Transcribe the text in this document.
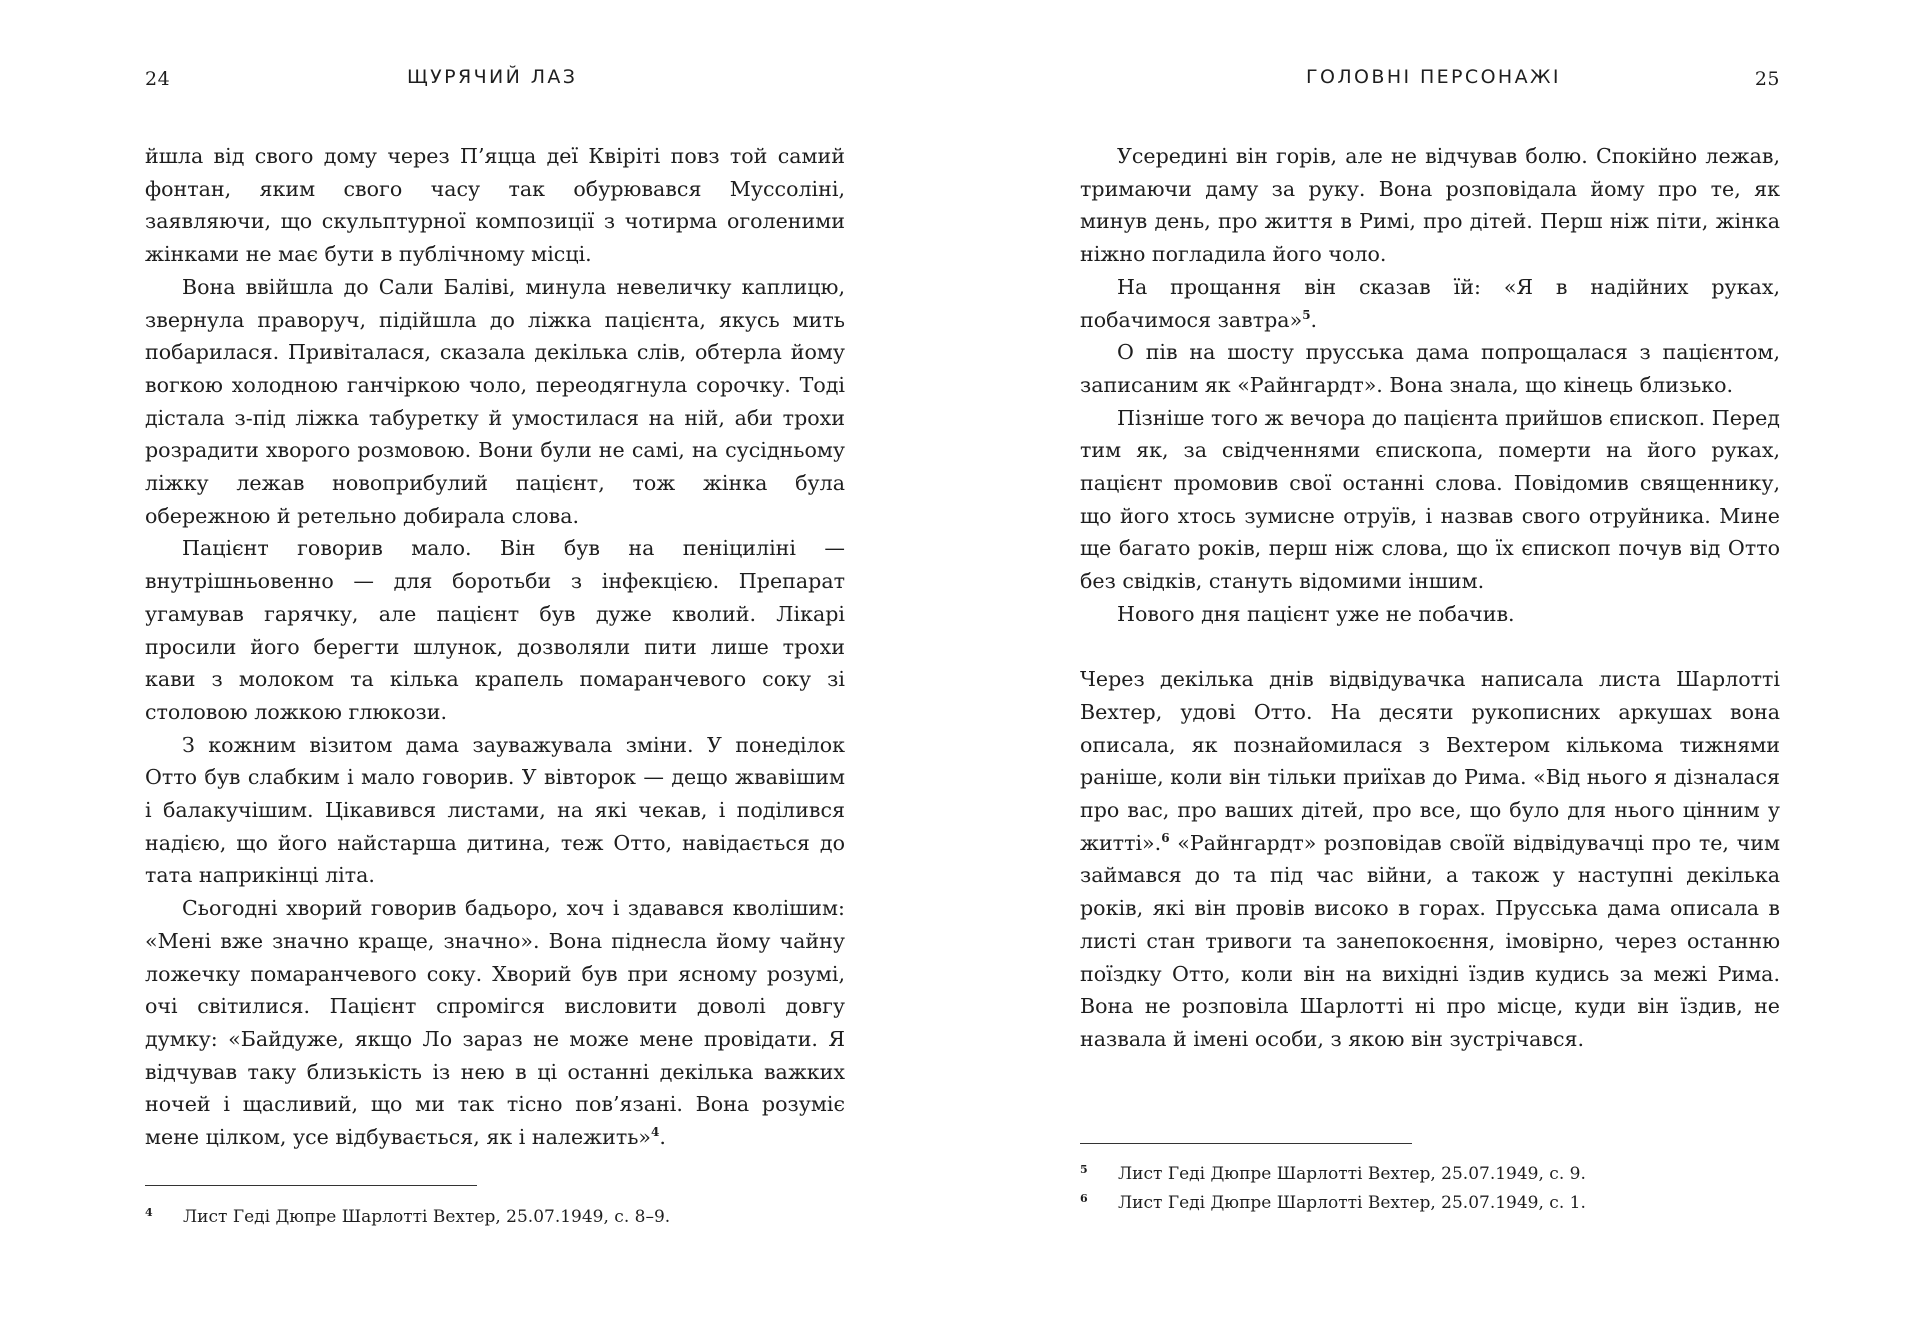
24	ЩУРЯЧИЙ ЛАЗ

йшла від свого дому через П’яцца деї Квіріті повз той самий фонтан, яким свого часу так обурювався Муссоліні, заявляючи, що скульптурної композиції з чотирма оголеними жінками не має бути в публічному місці.

Вона ввійшла до Сали Баліві, минула невеличку каплицю, звернула праворуч, підійшла до ліжка пацієнта, якусь мить побарилася. Привіталася, сказала декілька слів, обтерла йому вогкою холодною ганчіркою чоло, переодягнула сорочку. Тоді дістала з-під ліжка табуретку й умостилася на ній, аби трохи розрадити хворого розмовою. Вони були не самі, на сусідньому ліжку лежав новоприбулий пацієнт, тож жінка була обережною й ретельно добирала слова.

Пацієнт говорив мало. Він був на пеніциліні — внутрішньовенно — для боротьби з інфекцією. Препарат угамував гарячку, але пацієнт був дуже кволий. Лікарі просили його берегти шлунок, дозволяли пити лише трохи кави з молоком та кілька крапель помаранчевого соку зі столовою ложкою глюкози.

З кожним візитом дама зауважувала зміни. У понеділок Отто був слабким і мало говорив. У вівторок — дещо жвавішим і балакучішим. Цікавився листами, на які чекав, і поділився надією, що його найстарша дитина, теж Отто, навідається до тата наприкінці літа.

Сьогодні хворий говорив бадьоро, хоч і здавався кволішим: «Мені вже значно краще, значно». Вона піднесла йому чайну ложечку помаранчевого соку. Хворий був при ясному розумі, очі світилися. Пацієнт спромігся висловити доволі довгу думку: «Байдуже, якщо Ло зараз не може мене провідати. Я відчував таку близькість із нею в ці останні декілька важких ночей і щасливий, що ми так тісно пов’язані. Вона розуміє мене цілком, усе відбувається, як і належить»$^4$.

4 Лист Геді Дюпре Шарлотті Вехтер, 25.07.1949, с. 8–9.
ГОЛОВНІ ПЕРСОНАЖІ	25

Усередині він горів, але не відчував болю. Спокійно лежав, тримаючи даму за руку. Вона розповідала йому про те, як минув день, про життя в Римі, про дітей. Перш ніж піти, жінка ніжно погладила його чоло.

На прощання він сказав їй: «Я в надійних руках, побачимося завтра»$^5$.

О пів на шосту прусська дама попрощалася з пацієнтом, записаним як «Райнгардт». Вона знала, що кінець близько.

Пізніше того ж вечора до пацієнта прийшов єпископ. Перед тим як, за свідченнями єпископа, померти на його руках, пацієнт промовив свої останні слова. Повідомив священнику, що його хтось зумисне отруїв, і назвав свого отруйника. Мине ще багато років, перш ніж слова, що їх єпископ почув від Отто без свідків, стануть відомими іншим.

Нового дня пацієнт уже не побачив.

Через декілька днів відвідувачка написала листа Шарлотті Вехтер, удові Отто. На десяти рукописних аркушах вона описала, як познайомилася з Вехтером кількома тижнями раніше, коли він тільки приїхав до Рима. «Від нього я дізналася про вас, про ваших дітей, про все, що було для нього цінним у житті».$^6$ «Райнгардт» розповідав своїй відвідувачці про те, чим займався до та під час війни, а також у наступні декілька років, які він провів високо в горах. Прусська дама описала в листі стан тривоги та занепокоєння, імовірно, через останню поїздку Отто, коли він на вихідні їздив кудись за межі Рима. Вона не розповіла Шарлотті ні про місце, куди він їздив, не назвала й імені особи, з якою він зустрічався.

5 Лист Геді Дюпре Шарлотті Вехтер, 25.07.1949, с. 9.
6 Лист Геді Дюпре Шарлотті Вехтер, 25.07.1949, с. 1.
